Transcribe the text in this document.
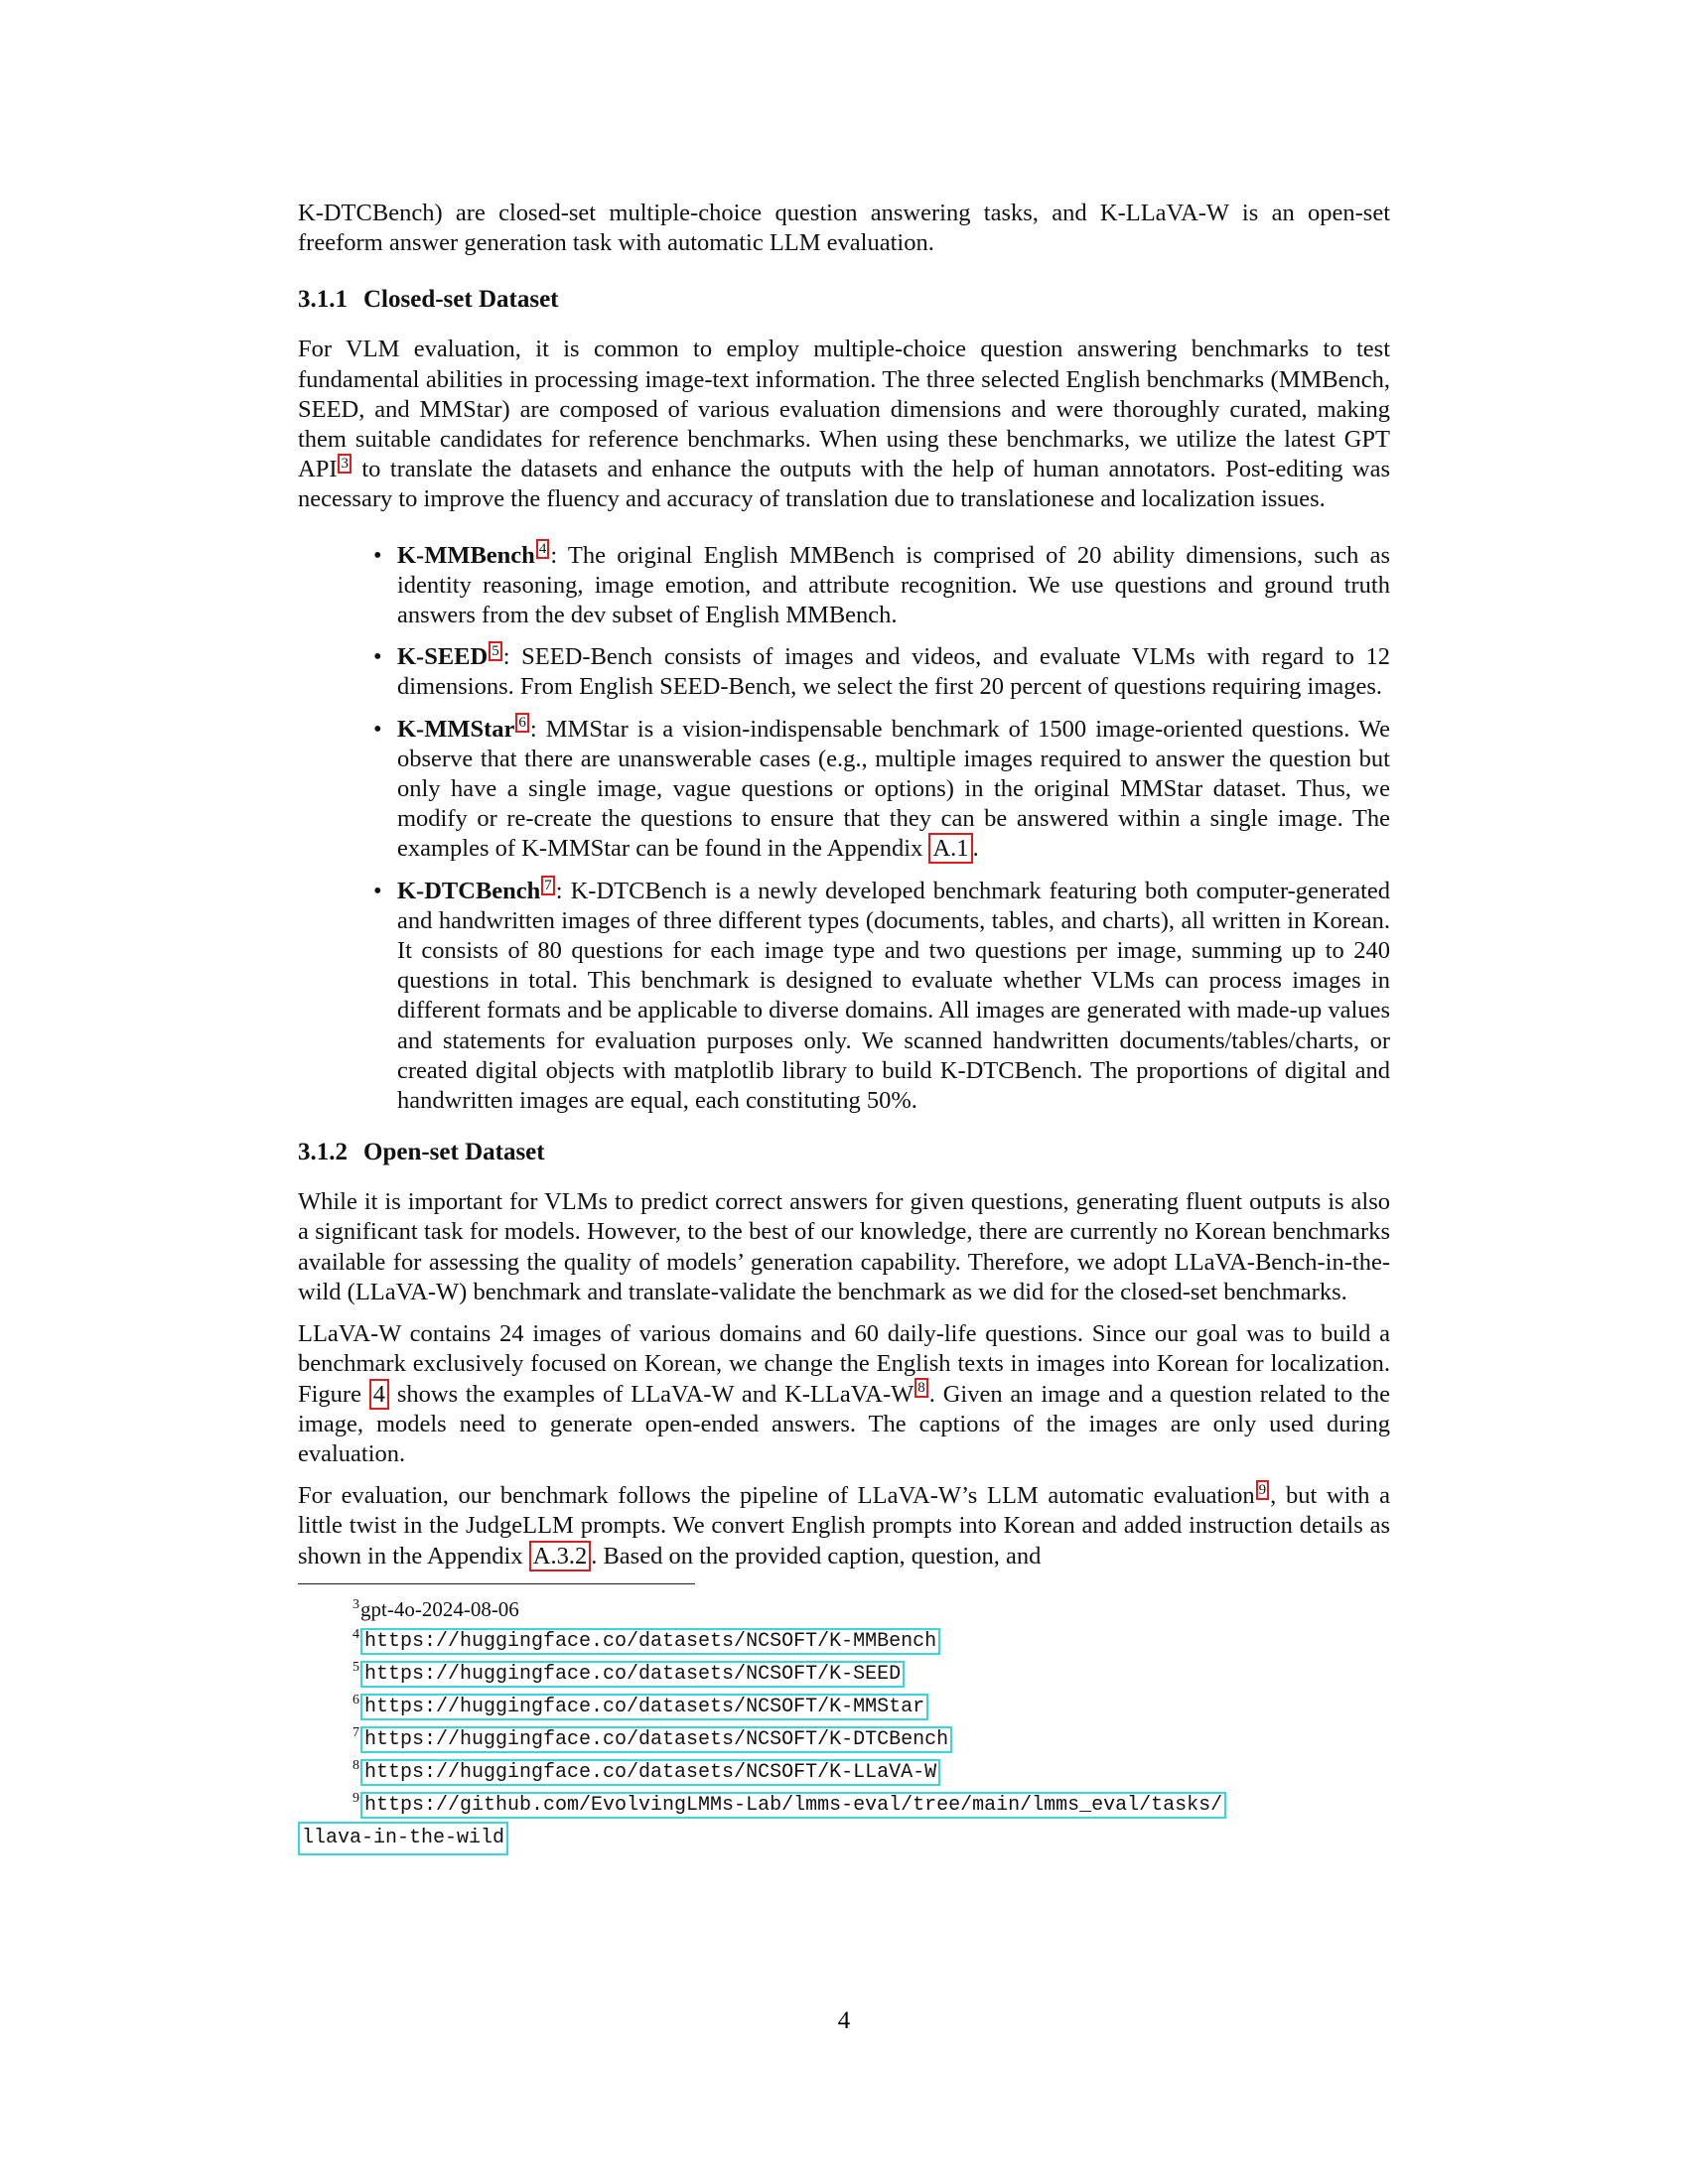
K-DTCBench) are closed-set multiple-choice question answering tasks, and K-LLaVA-W is an open-set freeform answer generation task with automatic LLM evaluation.

3.1.1 Closed-set Dataset

For VLM evaluation, it is common to employ multiple-choice question answering benchmarks to test fundamental abilities in processing image-text information. The three selected English benchmarks (MMBench, SEED, and MMStar) are composed of various evaluation dimensions and were thoroughly curated, making them suitable candidates for reference benchmarks. When using these benchmarks, we utilize the latest GPT API $^3$ to translate the datasets and enhance the outputs with the help of human annotators. Post-editing was necessary to improve the fluency and accuracy of translation due to translationese and localization issues.

• K-MMBench $^4$ : The original English MMBench is comprised of 20 ability dimensions, such as identity reasoning, image emotion, and attribute recognition. We use questions and ground truth answers from the dev subset of English MMBench.
• K-SEED $^5$ : SEED-Bench consists of images and videos, and evaluate VLMs with regard to 12 dimensions. From English SEED-Bench, we select the first 20 percent of questions requiring images.
• K-MMStar $^6$ : MMStar is a vision-indispensable benchmark of 1500 image-oriented questions. We observe that there are unanswerable cases (e.g., multiple images required to answer the question but only have a single image, vague questions or options) in the original MMStar dataset. Thus, we modify or re-create the questions to ensure that they can be answered within a single image. The examples of K-MMStar can be found in the Appendix A.1 .
• K-DTCBench $^7$ : K-DTCBench is a newly developed benchmark featuring both computer-generated and handwritten images of three different types (documents, tables, and charts), all written in Korean. It consists of 80 questions for each image type and two questions per image, summing up to 240 questions in total. This benchmark is designed to evaluate whether VLMs can process images in different formats and be applicable to diverse domains. All images are generated with made-up values and statements for evaluation purposes only. We scanned handwritten documents/tables/charts, or created digital objects with matplotlib library to build K-DTCBench. The proportions of digital and handwritten images are equal, each constituting 50%.
3.1.2 Open-set Dataset

While it is important for VLMs to predict correct answers for given questions, generating fluent outputs is also a significant task for models. However, to the best of our knowledge, there are currently no Korean benchmarks available for assessing the quality of models’ generation capability. Therefore, we adopt LLaVA-Bench-in-the-wild (LLaVA-W) benchmark and translate-validate the benchmark as we did for the closed-set benchmarks.

LLaVA-W contains 24 images of various domains and 60 daily-life questions. Since our goal was to build a benchmark exclusively focused on Korean, we change the English texts in images into Korean for localization. Figure 4 shows the examples of LLaVA-W and K-LLaVA-W $^8$ . Given an image and a question related to the image, models need to generate open-ended answers. The captions of the images are only used during evaluation.

For evaluation, our benchmark follows the pipeline of LLaVA-W’s LLM automatic evaluation $^9$ , but with a little twist in the JudgeLLM prompts. We convert English prompts into Korean and added instruction details as shown in the Appendix A.3.2 . Based on the provided caption, question, and

$^3$gpt-4o-2024-08-06
$^4$ https://huggingface.co/datasets/NCSOFT/K-MMBench
$^5$ https://huggingface.co/datasets/NCSOFT/K-SEED
$^6$ https://huggingface.co/datasets/NCSOFT/K-MMStar
$^7$ https://huggingface.co/datasets/NCSOFT/K-DTCBench
$^8$ https://huggingface.co/datasets/NCSOFT/K-LLaVA-W
$^9$ https://github.com/EvolvingLMMs-Lab/lmms-eval/tree/main/lmms_eval/tasks/
llava-in-the-wild
4
